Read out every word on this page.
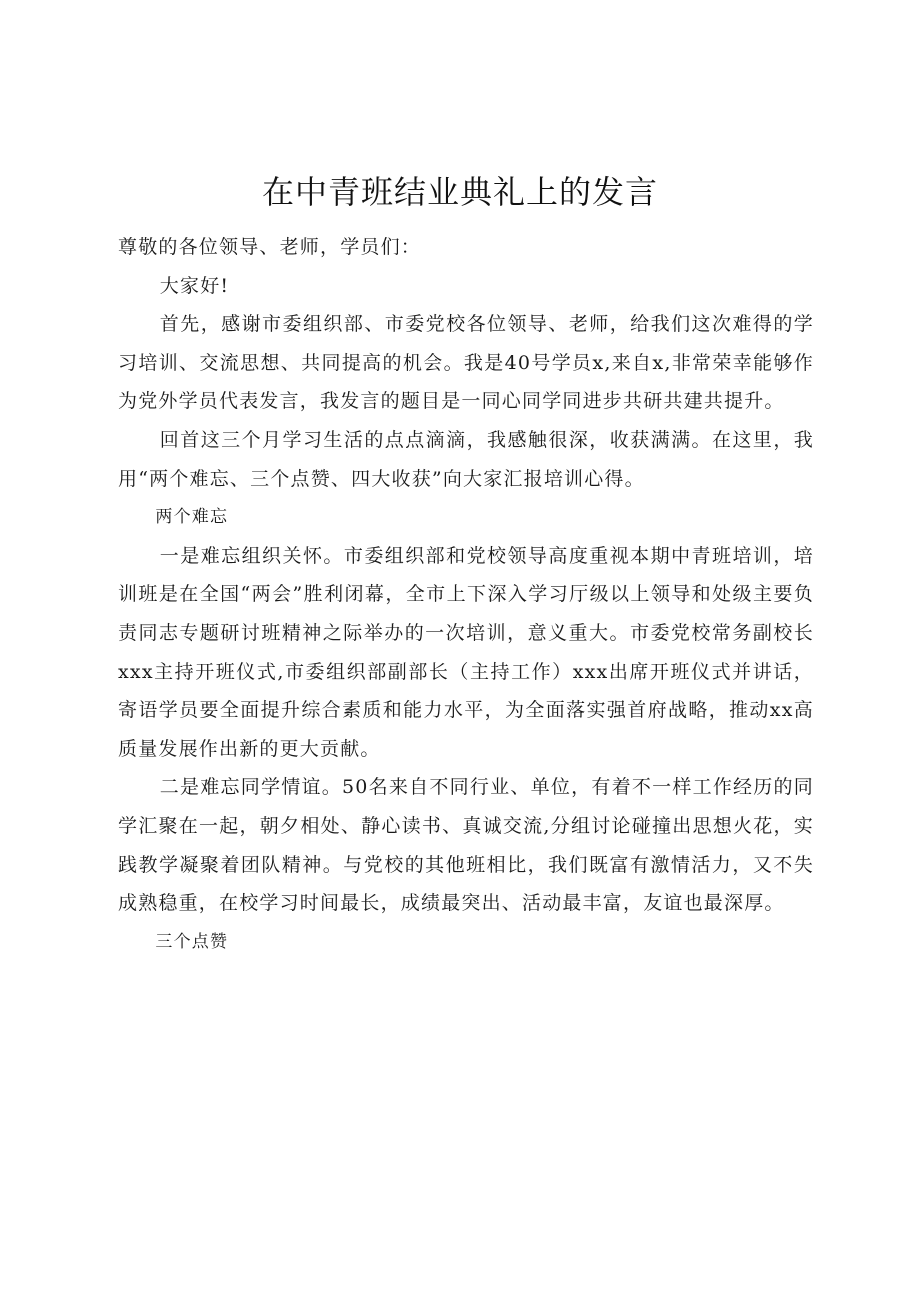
在中青班结业典礼上的发言

尊敬的各位领导、老师，学员们：

大家好!

首先，感谢市委组织部、市委党校各位领导、老师，给我们这次难得的学习培训、交流思想、共同提高的机会。我是40号学员x,来自x,非常荣幸能够作为党外学员代表发言，我发言的题目是一同心同学同进步共研共建共提升。

回首这三个月学习生活的点点滴滴，我感触很深，收获满满。在这里，我用“两个难忘、三个点赞、四大收获”向大家汇报培训心得。

两个难忘

一是难忘组织关怀。市委组织部和党校领导高度重视本期中青班培训，培训班是在全国“两会”胜利闭幕，全市上下深入学习厅级以上领导和处级主要负责同志专题研讨班精神之际举办的一次培训，意义重大。市委党校常务副校长xxx主持开班仪式,市委组织部副部长（主持工作）xxx出席开班仪式并讲话，寄语学员要全面提升综合素质和能力水平，为全面落实强首府战略，推动xx高质量发展作出新的更大贡献。

二是难忘同学情谊。50名来自不同行业、单位，有着不一样工作经历的同学汇聚在一起，朝夕相处、静心读书、真诚交流,分组讨论碰撞出思想火花，实践教学凝聚着团队精神。与党校的其他班相比，我们既富有激情活力，又不失成熟稳重，在校学习时间最长，成绩最突出、活动最丰富，友谊也最深厚。

三个点赞
